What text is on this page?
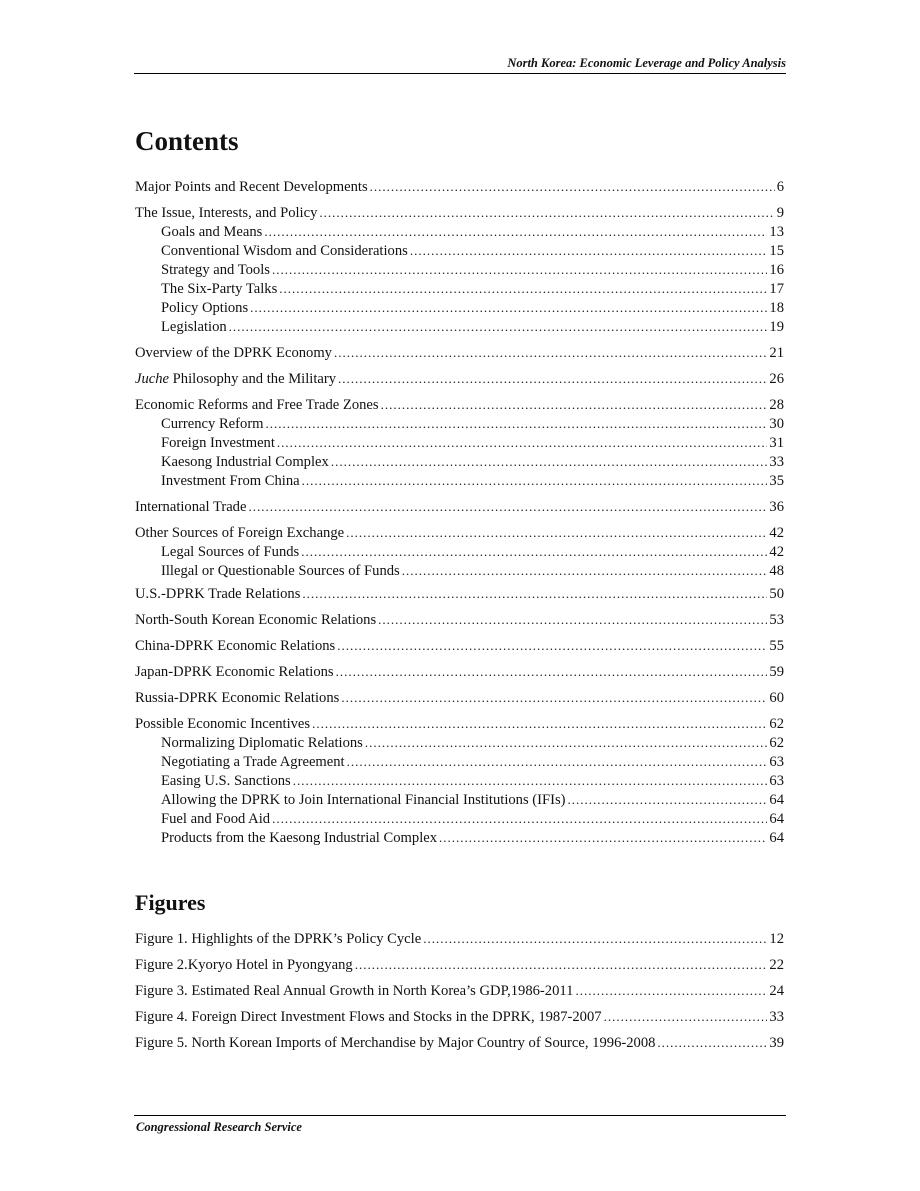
North Korea: Economic Leverage and Policy Analysis
Contents
Major Points and Recent Developments .....	6
The Issue, Interests, and Policy .....	9
Goals and Means .....	13
Conventional Wisdom and Considerations .....	15
Strategy and Tools .....	16
The Six-Party Talks .....	17
Policy Options .....	18
Legislation .....	19
Overview of the DPRK Economy .....	21
Juche Philosophy and the Military .....	26
Economic Reforms and Free Trade Zones .....	28
Currency Reform .....	30
Foreign Investment .....	31
Kaesong Industrial Complex .....	33
Investment From China .....	35
International Trade .....	36
Other Sources of Foreign Exchange .....	42
Legal Sources of Funds .....	42
Illegal or Questionable Sources of Funds .....	48
U.S.-DPRK Trade Relations .....	50
North-South Korean Economic Relations .....	53
China-DPRK Economic Relations .....	55
Japan-DPRK Economic Relations .....	59
Russia-DPRK Economic Relations .....	60
Possible Economic Incentives .....	62
Normalizing Diplomatic Relations .....	62
Negotiating a Trade Agreement .....	63
Easing U.S. Sanctions .....	63
Allowing the DPRK to Join International Financial Institutions (IFIs) .....	64
Fuel and Food Aid .....	64
Products from the Kaesong Industrial Complex .....	64
Figures
Figure 1. Highlights of the DPRK’s Policy Cycle .....	12
Figure 2.Kyoryo Hotel in Pyongyang .....	22
Figure 3. Estimated Real Annual Growth in North Korea’s GDP,1986-2011 .....	24
Figure 4. Foreign Direct Investment Flows and Stocks in the DPRK, 1987-2007 .....	33
Figure 5. North Korean Imports of Merchandise by Major Country of Source, 1996-2008 .....	39
Congressional Research Service
